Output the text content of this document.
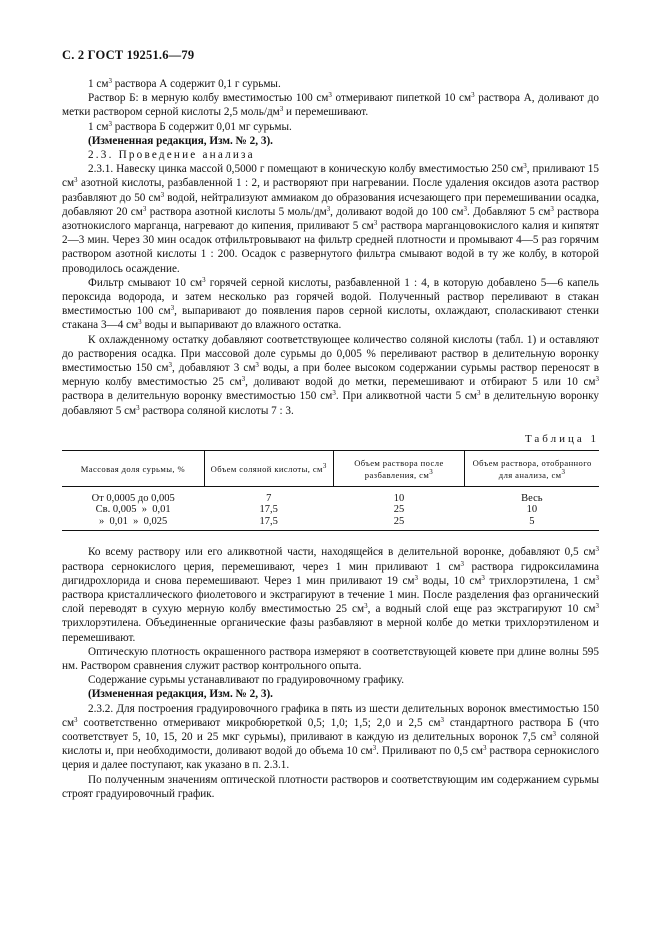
С. 2 ГОСТ 19251.6—79

1 $см^3$ раствора А содержит 0,1 г сурьмы.

Раствор Б: в мерную колбу вместимостью 100 $см^3$ отмеривают пипеткой 10 $см^3$ раствора А, доливают до метки раствором серной кислоты 2,5 моль/$дм^3$ и перемешивают.

1 $см^3$ раствора Б содержит 0,01 мг сурьмы.

(Измененная редакция, Изм. № 2, 3).

2.3. Проведение анализа

2.3.1. Навеску цинка массой 0,5000 г помещают в коническую колбу вместимостью 250 $см^3$, приливают 15 $см^3$ азотной кислоты, разбавленной 1 : 2, и растворяют при нагревании. После удаления оксидов азота раствор разбавляют до 50 $см^3$ водой, нейтрализуют аммиаком до образования исчезающего при перемешивании осадка, добавляют 20 $см^3$ раствора азотной кислоты 5 моль/$дм^3$, доливают водой до 100 $см^3$. Добавляют 5 $см^3$ раствора азотнокислого марганца, нагревают до кипения, приливают 5 $см^3$ раствора марганцовокислого калия и кипятят 2—3 мин. Через 30 мин осадок отфильтровывают на фильтр средней плотности и промывают 4—5 раз горячим раствором азотной кислоты 1 : 200. Осадок с развернутого фильтра смывают водой в ту же колбу, в которой проводилось осаждение.

Фильтр смывают 10 $см^3$ горячей серной кислоты, разбавленной 1 : 4, в которую добавлено 5—6 капель пероксида водорода, и затем несколько раз горячей водой. Полученный раствор переливают в стакан вместимостью 100 $см^3$, выпаривают до появления паров серной кислоты, охлаждают, споласкивают стенки стакана 3—4 $см^3$ воды и выпаривают до влажного остатка.

К охлажденному остатку добавляют соответствующее количество соляной кислоты (табл. 1) и оставляют до растворения осадка. При массовой доле сурьмы до 0,005 % переливают раствор в делительную воронку вместимостью 150 $см^3$, добавляют 3 $см^3$ воды, а при более высоком содержании сурьмы раствор переносят в мерную колбу вместимостью 25 $см^3$, доливают водой до метки, перемешивают и отбирают 5 или 10 $см^3$ раствора в делительную воронку вместимостью 150 $см^3$. При аликвотной части 5 $см^3$ в делительную воронку добавляют 5 $см^3$ раствора соляной кислоты 7 : 3.

Таблица 1
Массовая доля сурьмы, %	Объем соляной кислоты, $см^3$	Объем раствора после разбавления, $см^3$	Объем раствора, отобранного для анализа, $см^3$
От 0,0005 до 0,005	7	10	Весь
Св. 0,005  »  0,01	17,5	25	10
»  0,01  »  0,025	17,5	25	5

Ко всему раствору или его аликвотной части, находящейся в делительной воронке, добавляют 0,5 $см^3$ раствора сернокислого церия, перемешивают, через 1 мин приливают 1 $см^3$ раствора гидроксиламина дигидрохлорида и снова перемешивают. Через 1 мин приливают 19 $см^3$ воды, 10 $см^3$ трихлорэтилена, 1 $см^3$ раствора кристаллического фиолетового и экстрагируют в течение 1 мин. После разделения фаз органический слой переводят в сухую мерную колбу вместимостью 25 $см^3$, а водный слой еще раз экстрагируют 10 $см^3$ трихлорэтилена. Объединенные органические фазы разбавляют в мерной колбе до метки трихлорэтиленом и перемешивают.

Оптическую плотность окрашенного раствора измеряют в соответствующей кювете при длине волны 595 нм. Раствором сравнения служит раствор контрольного опыта.

Содержание сурьмы устанавливают по градуировочному графику.

(Измененная редакция, Изм. № 2, 3).

2.3.2. Для построения градуировочного графика в пять из шести делительных воронок вместимостью 150 $см^3$ соответственно отмеривают микробюреткой 0,5; 1,0; 1,5; 2,0 и 2,5 $см^3$ стандартного раствора Б (что соответствует 5, 10, 15, 20 и 25 мкг сурьмы), приливают в каждую из делительных воронок 7,5 $см^3$ соляной кислоты и, при необходимости, доливают водой до объема 10 $см^3$. Приливают по 0,5 $см^3$ раствора сернокислого церия и далее поступают, как указано в п. 2.3.1.

По полученным значениям оптической плотности растворов и соответствующим им содержанием сурьмы строят градуировочный график.
